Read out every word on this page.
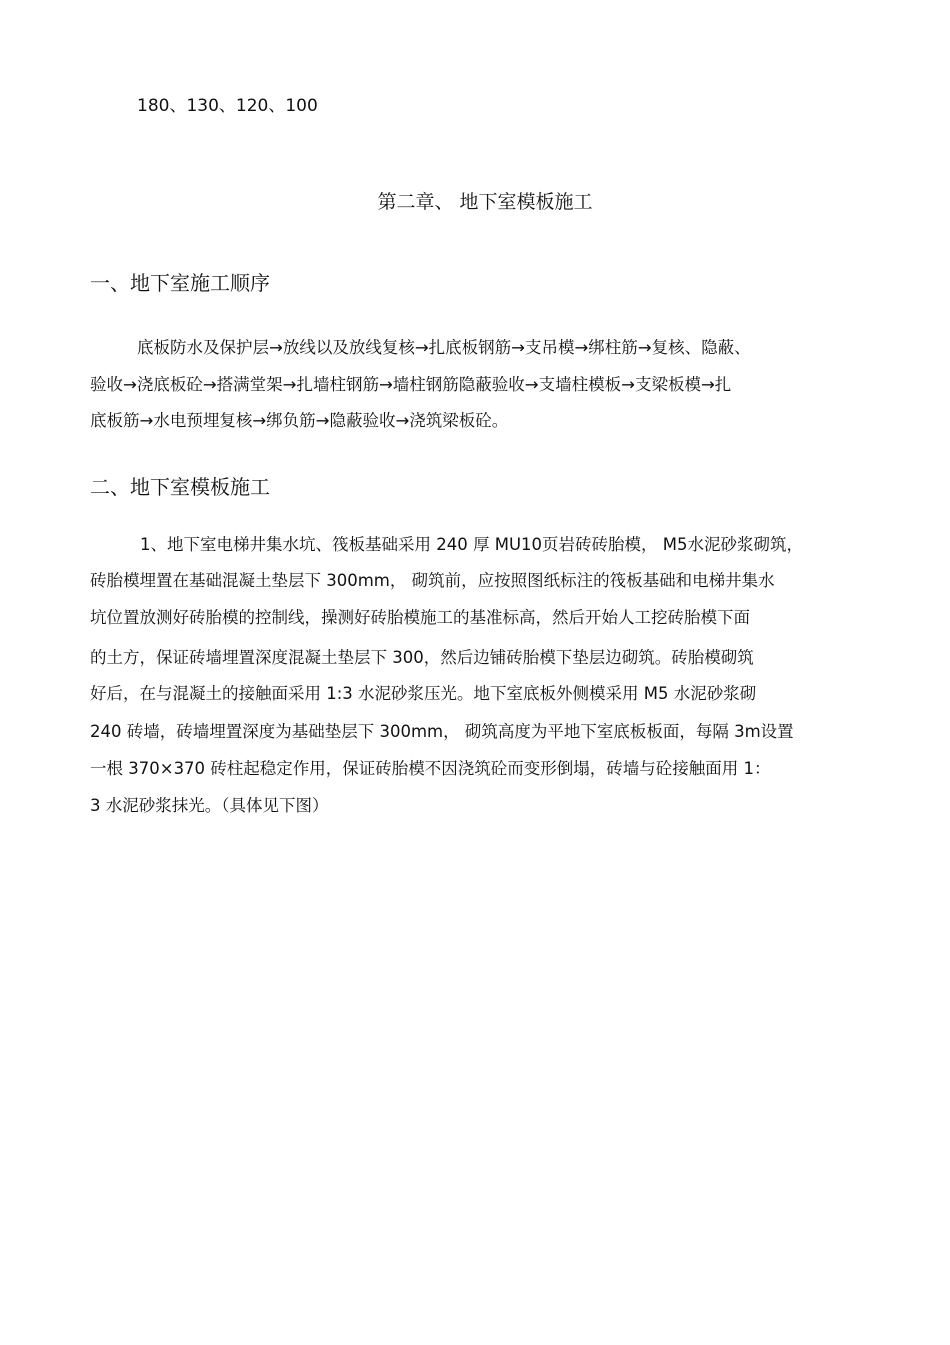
180、130、120、100
第二章、 地下室模板施工
一、地下室施工顺序
底板防水及保护层→放线以及放线复核→扎底板钢筋→支吊模→绑柱筋→复核、隐蔽、
验收→浇底板砼→搭满堂架→扎墙柱钢筋→墙柱钢筋隐蔽验收→支墙柱模板→支梁板模→扎
底板筋→水电预埋复核→绑负筋→隐蔽验收→浇筑梁板砼。
二、地下室模板施工
1、地下室电梯井集水坑、筏板基础采用 240 厚 MU10页岩砖砖胎模， M5水泥砂浆砌筑，
砖胎模埋置在基础混凝土垫层下 300mm， 砌筑前，应按照图纸标注的筏板基础和电梯井集水
坑位置放测好砖胎模的控制线，操测好砖胎模施工的基准标高，然后开始人工挖砖胎模下面
的土方，保证砖墙埋置深度混凝土垫层下 300，然后边铺砖胎模下垫层边砌筑。砖胎模砌筑
好后，在与混凝土的接触面采用 1:3 水泥砂浆压光。地下室底板外侧模采用 M5 水泥砂浆砌
240 砖墙，砖墙埋置深度为基础垫层下 300mm， 砌筑高度为平地下室底板板面，每隔 3m设置
一根 370×370 砖柱起稳定作用，保证砖胎模不因浇筑砼而变形倒塌，砖墙与砼接触面用 1：
3 水泥砂浆抹光。（具体见下图）
